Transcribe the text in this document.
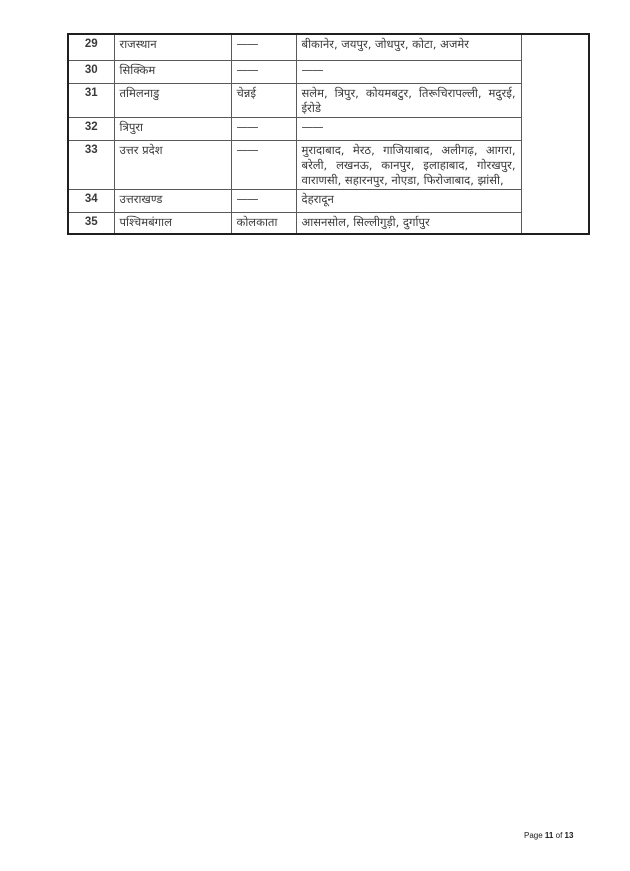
29	राजस्थान	——	बीकानेर, जयपुर, जोधपुर, कोटा, अजमेर	
30	सिक्किम	——	——	
31	तमिलनाडु	चेन्नई	सलेम, त्रिपुर, कोयमबटुर, तिरूचिरापल्ली, मदुरई, ईरोडे	
32	त्रिपुरा	——	——	
33	उत्तर प्रदेश	——	मुरादाबाद, मेरठ, गाजियाबाद, अलीगढ़, आगरा, बरेली, लखनऊ, कानपुर, इलाहाबाद, गोरखपुर, वाराणसी, सहारनपुर, नोएडा, फिरोजाबाद, झांसी,	
34	उत्तराखण्ड	——	देहरादून	
35	पश्चिमबंगाल	कोलकाता	आसनसोल, सिल्लीगुड़ी, दुर्गापुर	
Page 11 of 13
